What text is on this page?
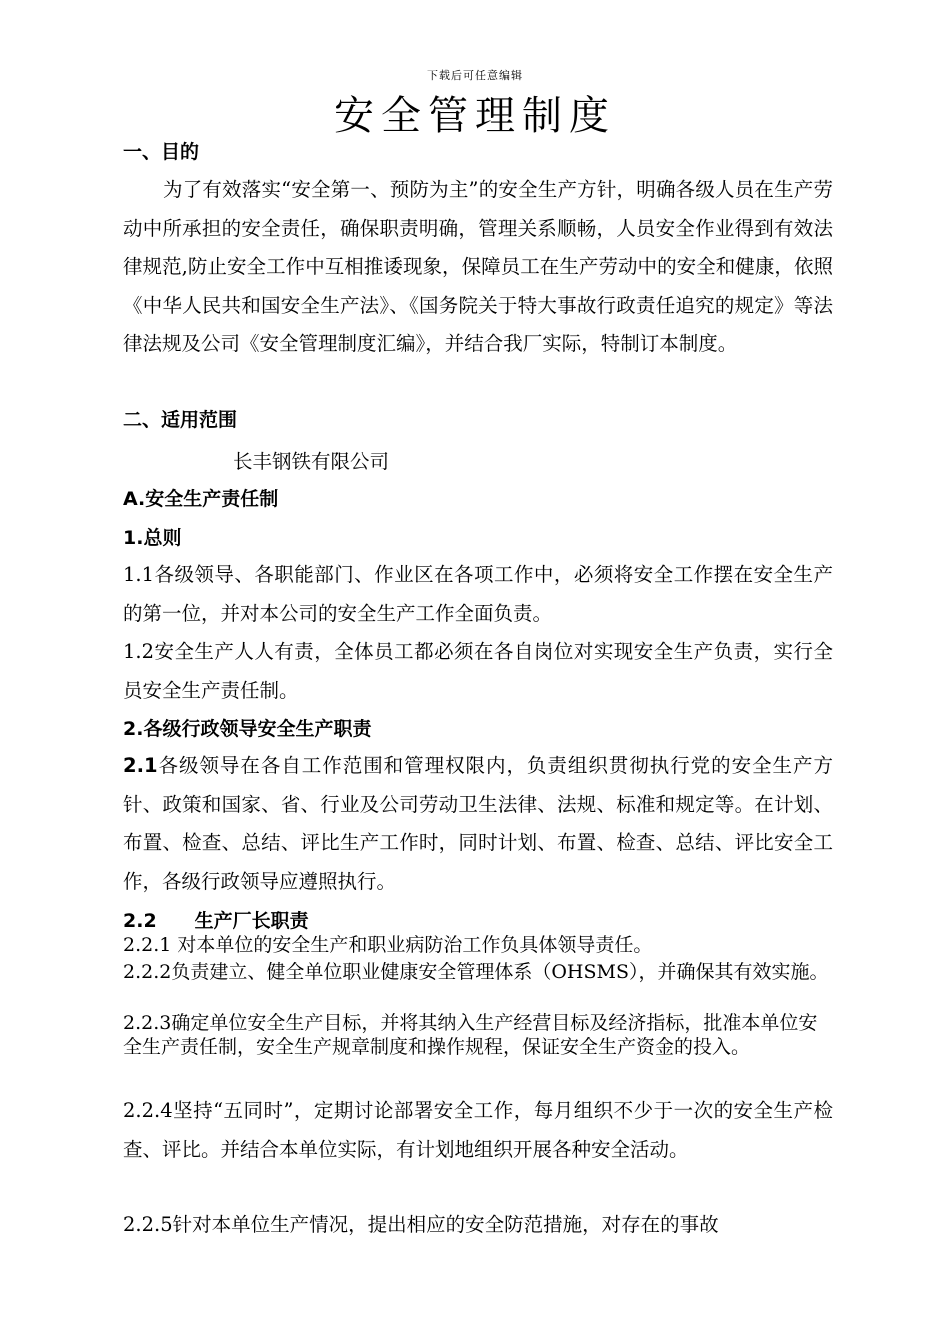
下载后可任意编辑
安全管理制度
一、目的
为了有效落实“安全第一、预防为主”的安全生产方针，明确各级人员在生产劳动中所承担的安全责任，确保职责明确，管理关系顺畅，人员安全作业得到有效法律规范,防止安全工作中互相推诿现象，保障员工在生产劳动中的安全和健康，依照《中华人民共和国安全生产法》、《国务院关于特大事故行政责任追究的规定》等法律法规及公司《安全管理制度汇编》，并结合我厂实际，特制订本制度。
二、适用范围
长丰钢铁有限公司
A.安全生产责任制
1.总则
1.1各级领导、各职能部门、作业区在各项工作中，必须将安全工作摆在安全生产的第一位，并对本公司的安全生产工作全面负责。
1.2安全生产人人有责，全体员工都必须在各自岗位对实现安全生产负责，实行全员安全生产责任制。
2.各级行政领导安全生产职责
2.1各级领导在各自工作范围和管理权限内，负责组织贯彻执行党的安全生产方针、政策和国家、省、行业及公司劳动卫生法律、法规、标准和规定等。在计划、布置、检查、总结、评比生产工作时，同时计划、布置、检查、总结、评比安全工作，各级行政领导应遵照执行。
2.2　　生产厂长职责
2.2.1 对本单位的安全生产和职业病防治工作负具体领导责任。
2.2.2负责建立、健全单位职业健康安全管理体系（OHSMS），并确保其有效实施。
2.2.3确定单位安全生产目标，并将其纳入生产经营目标及经济指标，批准本单位安全生产责任制，安全生产规章制度和操作规程，保证安全生产资金的投入。
2.2.4坚持“五同时”，定期讨论部署安全工作，每月组织不少于一次的安全生产检查、评比。并结合本单位实际，有计划地组织开展各种安全活动。
2.2.5针对本单位生产情况，提出相应的安全防范措施，对存在的事故
